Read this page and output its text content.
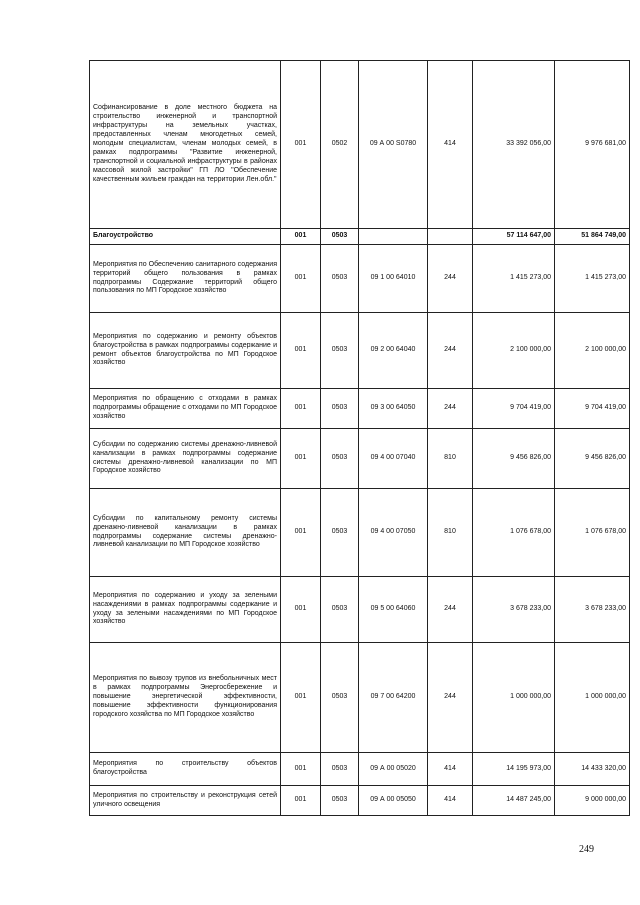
Софинансирование в доле местного бюджета на строительство инженерной и транспортной инфраструктуры на земельных участках, предоставленных членам многодетных семей, молодым специалистам, членам молодых семей, в рамках подпрограммы "Развитие инженерной, транспортной и социальной инфраструктуры в районах массовой жилой застройки" ГП ЛО "Обеспечение качественным жильем граждан на территории Лен.обл."	001	0502	09 А 00 S0780	414	33 392 056,00	9 976 681,00
Благоустройство	001	0503			57 114 647,00	51 864 749,00
Мероприятия по Обеспечению санитарного содержания территорий общего пользования в рамках подпрограммы Содержание территорий общего пользования по МП Городское хозяйство	001	0503	09 1 00 64010	244	1 415 273,00	1 415 273,00
Мероприятия по содержанию и ремонту объектов благоустройства в рамках подпрограммы содержание и ремонт объектов благоустройства по МП Городское хозяйство	001	0503	09 2 00 64040	244	2 100 000,00	2 100 000,00
Мероприятия по обращению с отходами в рамках подпрограммы обращение с отходами по МП Городское хозяйство	001	0503	09 3 00 64050	244	9 704 419,00	9 704 419,00
Субсидии по содержанию системы дренажно-ливневой канализации в рамках подпрограммы содержание системы дренажно-ливневой канализации по МП Городское хозяйство	001	0503	09 4 00 07040	810	9 456 826,00	9 456 826,00
Субсидии по капитальному ремонту системы дренажно-ливневой канализации в рамках подпрограммы содержание системы дренажно-ливневой канализации по МП Городское хозяйство	001	0503	09 4 00 07050	810	1 076 678,00	1 076 678,00
Мероприятия по содержанию и уходу за зелеными насаждениями в рамках подпрограммы содержание и уходу за зелеными насаждениями по МП Городское хозяйство	001	0503	09 5 00 64060	244	3 678 233,00	3 678 233,00
Мероприятия по вывозу трупов из внебольничных мест в рамках подпрограммы Энергосбережение и повышение энергетической эффективности, повышение эффективности функционирования городского хозяйства по МП Городское хозяйство	001	0503	09 7 00 64200	244	1 000 000,00	1 000 000,00
Мероприятия по строительству объектов благоустройства	001	0503	09 А 00 05020	414	14 195 973,00	14 433 320,00
Мероприятия по строительству и реконструкция сетей уличного освещения	001	0503	09 А 00 05050	414	14 487 245,00	9 000 000,00
249
